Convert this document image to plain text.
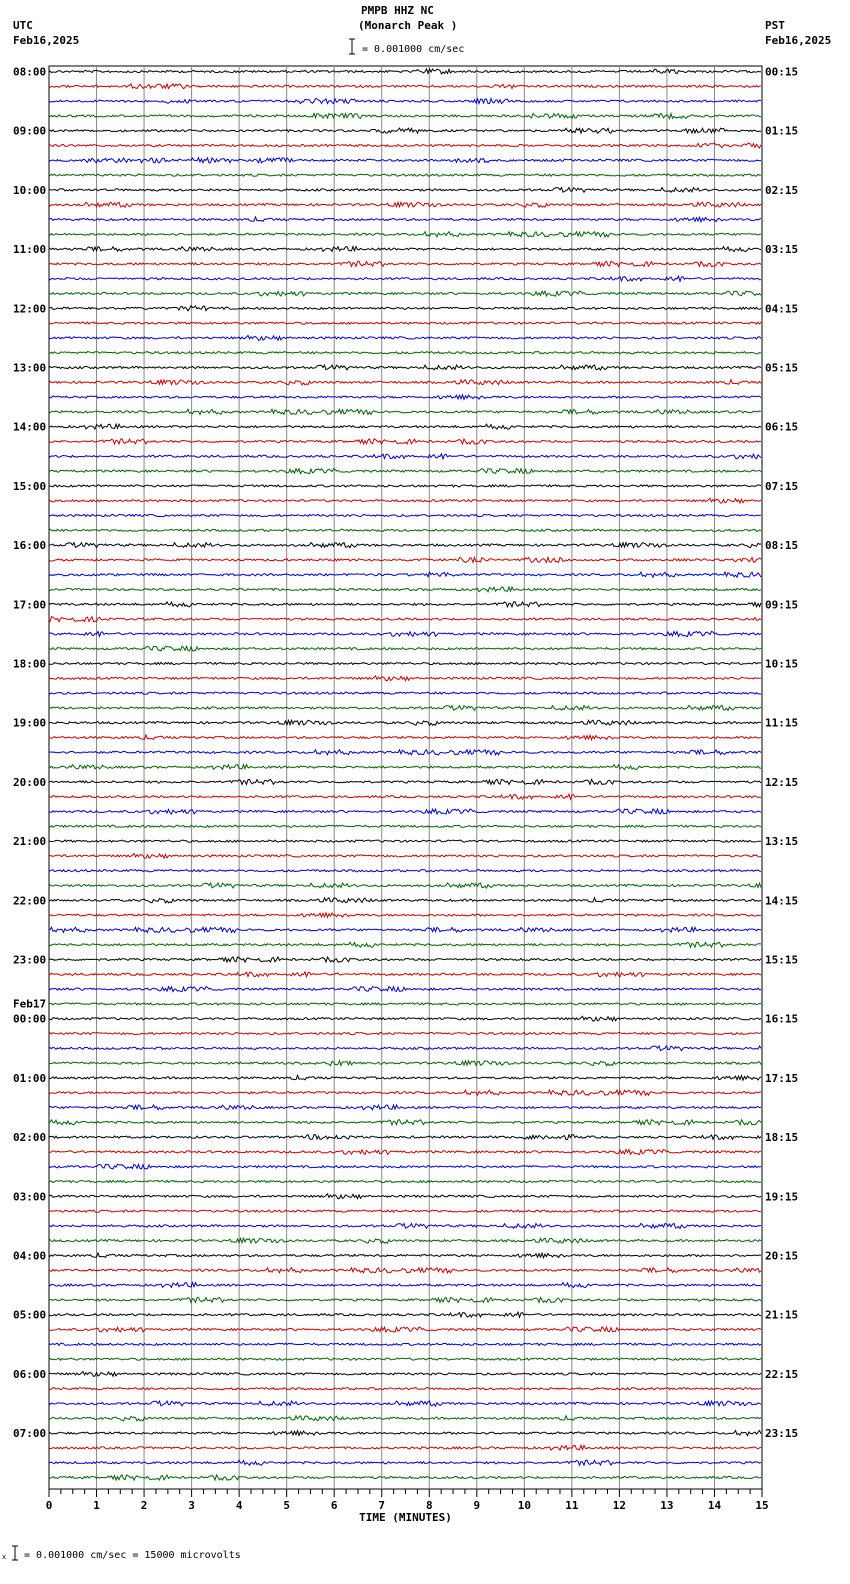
PMPB HHZ NC
(Monarch Peak )
= 0.001000 cm/sec
UTC
Feb16,2025
PST
Feb16,2025
08:00
09:00
10:00
11:00
12:00
13:00
14:00
15:00
16:00
17:00
18:00
19:00
20:00
21:00
22:00
23:00
00:00
01:00
02:00
03:00
04:00
05:00
06:00
07:00
00:15
01:15
02:15
03:15
04:15
05:15
06:15
07:15
08:15
09:15
10:15
11:15
12:15
13:15
14:15
15:15
16:15
17:15
18:15
19:15
20:15
21:15
22:15
23:15
Feb17
0	1	2	3	4	5	6	7	8	9	10	11	12	13	14	15
TIME (MINUTES)
x = 0.001000 cm/sec = 15000 microvolts
